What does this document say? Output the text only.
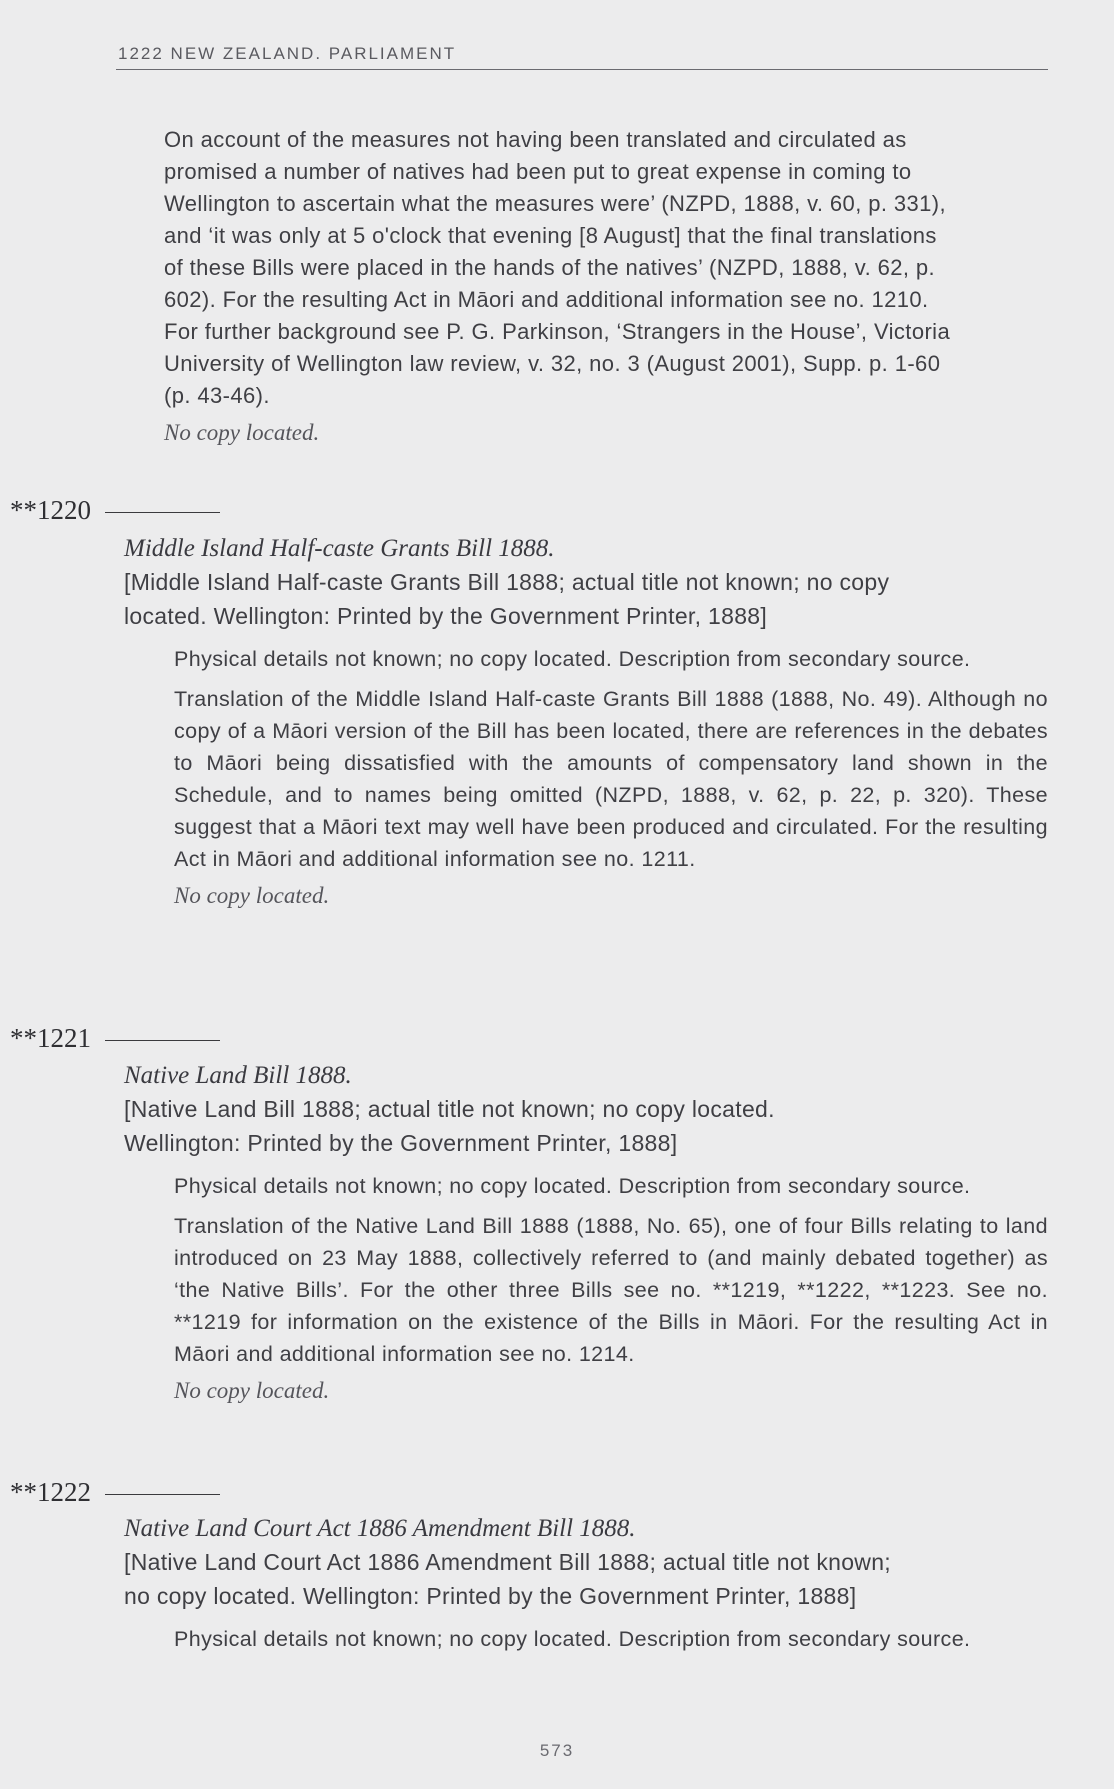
1222 NEW ZEALAND. PARLIAMENT
On account of the measures not having been translated and circulated as
promised a number of natives had been put to great expense in coming to
Wellington to ascertain what the measures were’ (NZPD, 1888, v. 60, p. 331),
and ‘it was only at 5 o'clock that evening [8 August] that the final translations
of these Bills were placed in the hands of the natives’ (NZPD, 1888, v. 62, p.
602). For the resulting Act in Māori and additional information see no. 1210.
For further background see P. G. Parkinson, ‘Strangers in the House’, Victoria
University of Wellington law review, v. 32, no. 3 (August 2001), Supp. p. 1-60
(p. 43-46).
No copy located.
**1220

Middle Island Half-caste Grants Bill 1888.

[Middle Island Half-caste Grants Bill 1888; actual title not known; no copy
located. Wellington: Printed by the Government Printer, 1888]

Physical details not known; no copy located. Description from secondary source.

Translation of the Middle Island Half-caste Grants Bill 1888 (1888, No. 49). Although no copy of a Māori version of the Bill has been located, there are references in the debates to Māori being dissatisfied with the amounts of compensatory land shown in the Schedule, and to names being omitted (NZPD, 1888, v. 62, p. 22, p. 320). These suggest that a Māori text may well have been produced and circulated. For the resulting Act in Māori and additional information see no. 1211.

No copy located.
**1221

Native Land Bill 1888.

[Native Land Bill 1888; actual title not known; no copy located.
Wellington: Printed by the Government Printer, 1888]

Physical details not known; no copy located. Description from secondary source.

Translation of the Native Land Bill 1888 (1888, No. 65), one of four Bills relating to land introduced on 23 May 1888, collectively referred to (and mainly debated together) as ‘the Native Bills’. For the other three Bills see no. **1219, **1222, **1223. See no. **1219 for information on the existence of the Bills in Māori. For the resulting Act in Māori and additional information see no. 1214.

No copy located.
**1222

Native Land Court Act 1886 Amendment Bill 1888.

[Native Land Court Act 1886 Amendment Bill 1888; actual title not known;
no copy located. Wellington: Printed by the Government Printer, 1888]

Physical details not known; no copy located. Description from secondary source.

573
